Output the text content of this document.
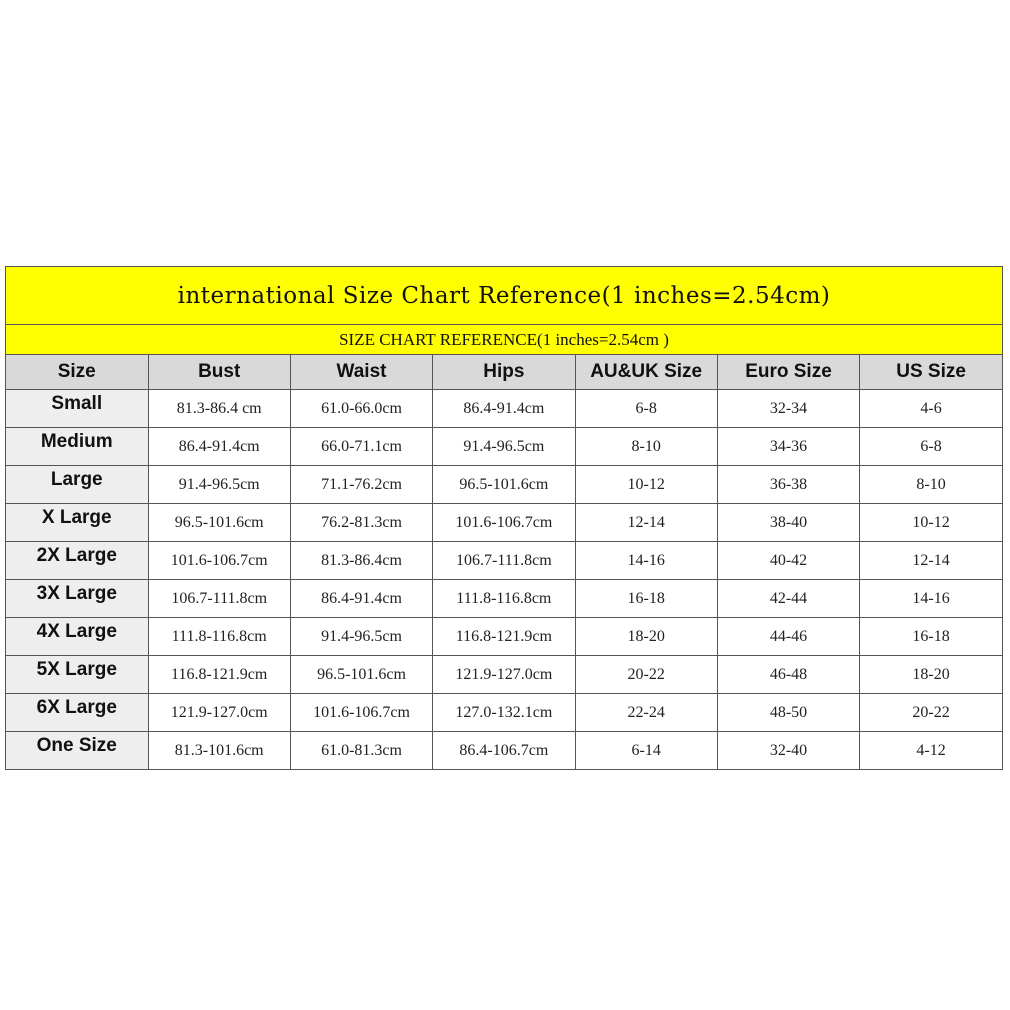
international Size Chart Reference(1 inches=2.54cm)
SIZE CHART REFERENCE(1 inches=2.54cm )
Size	Bust	Waist	Hips	AU&UK Size	Euro Size	US Size
Small	81.3-86.4 cm	61.0-66.0cm	86.4-91.4cm	6-8	32-34	4-6
Medium	86.4-91.4cm	66.0-71.1cm	91.4-96.5cm	8-10	34-36	6-8
Large	91.4-96.5cm	71.1-76.2cm	96.5-101.6cm	10-12	36-38	8-10
X Large	96.5-101.6cm	76.2-81.3cm	101.6-106.7cm	12-14	38-40	10-12
2X Large	101.6-106.7cm	81.3-86.4cm	106.7-111.8cm	14-16	40-42	12-14
3X Large	106.7-111.8cm	86.4-91.4cm	111.8-116.8cm	16-18	42-44	14-16
4X Large	111.8-116.8cm	91.4-96.5cm	116.8-121.9cm	18-20	44-46	16-18
5X Large	116.8-121.9cm	96.5-101.6cm	121.9-127.0cm	20-22	46-48	18-20
6X Large	121.9-127.0cm	101.6-106.7cm	127.0-132.1cm	22-24	48-50	20-22
One Size	81.3-101.6cm	61.0-81.3cm	86.4-106.7cm	6-14	32-40	4-12
